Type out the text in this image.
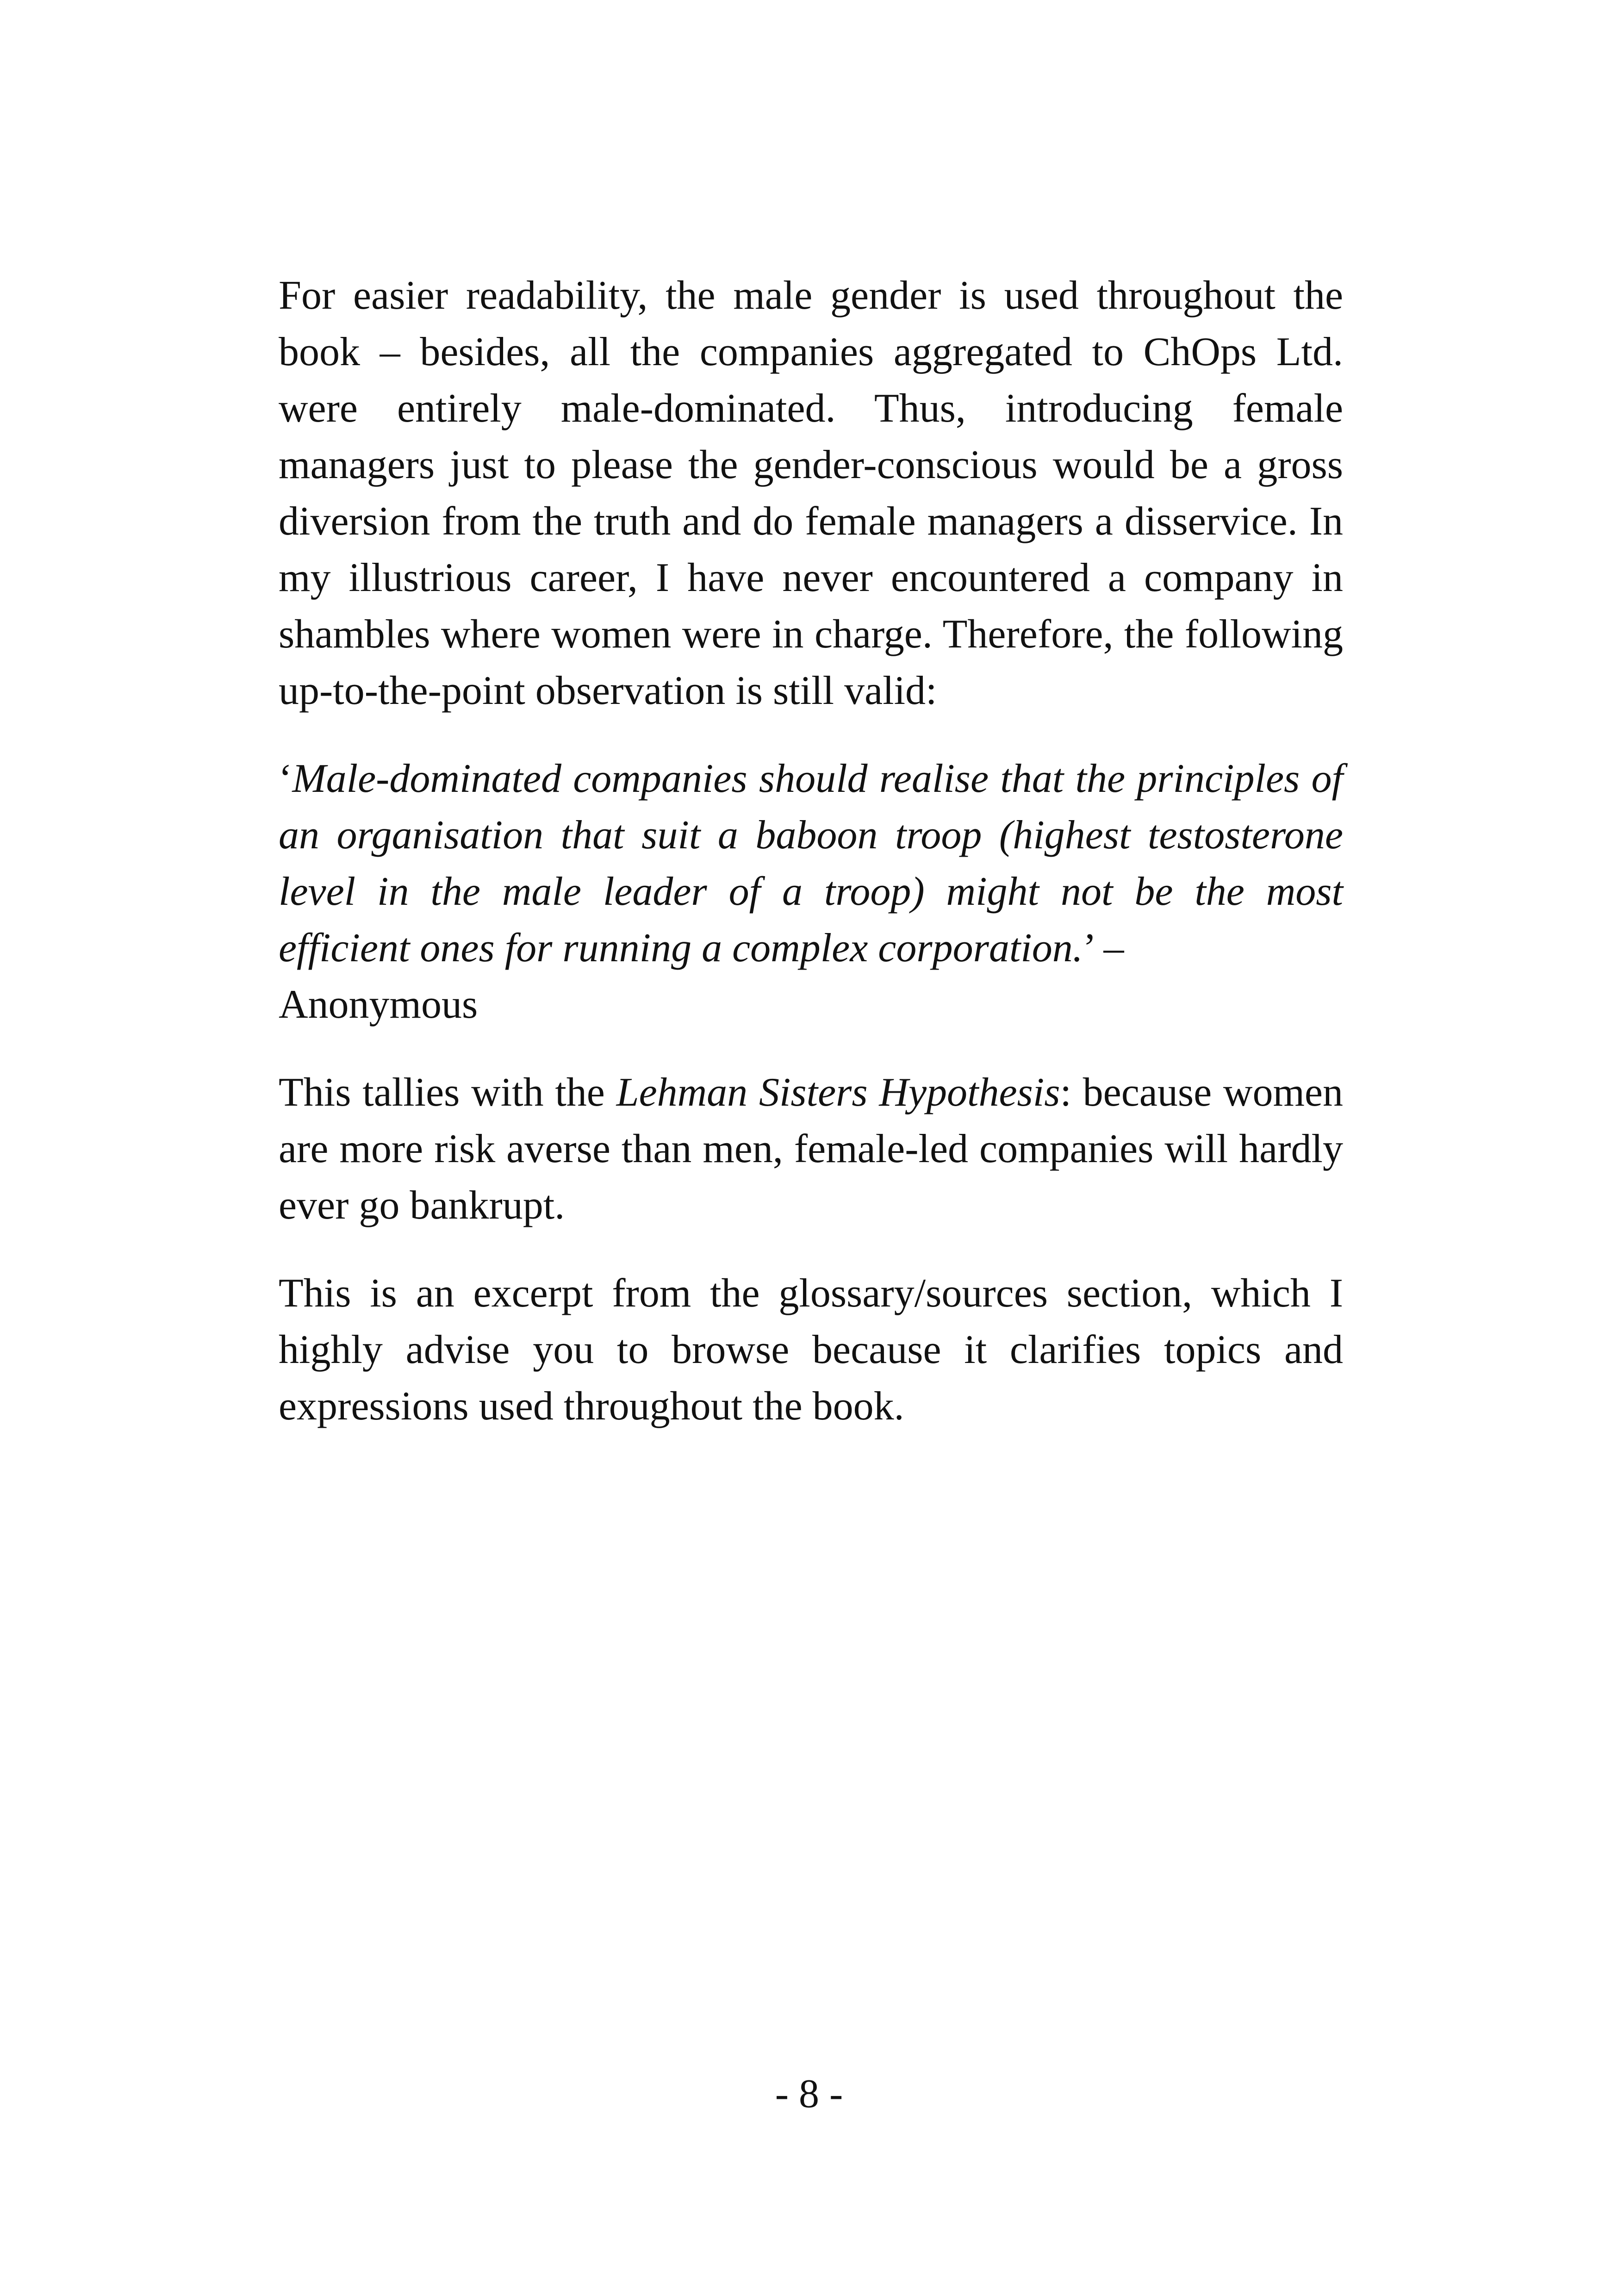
For easier readability, the male gender is used throughout the book – besides, all the companies aggregated to ChOps Ltd. were entirely male-dominated. Thus, introducing female managers just to please the gender-conscious would be a gross diversion from the truth and do female managers a disservice. In my illustrious career, I have never encountered a company in shambles where women were in charge. Therefore, the following up-to-the-point observation is still valid:

‘Male-dominated companies should realise that the principles of an organisation that suit a baboon troop (highest testosterone level in the male leader of a troop) might not be the most efficient ones for running a complex corporation.’ –
Anonymous

This tallies with the Lehman Sisters Hypothesis: because women are more risk averse than men, female-led companies will hardly ever go bankrupt.

This is an excerpt from the glossary/sources section, which I highly advise you to browse because it clarifies topics and expressions used throughout the book.

- 8 -
